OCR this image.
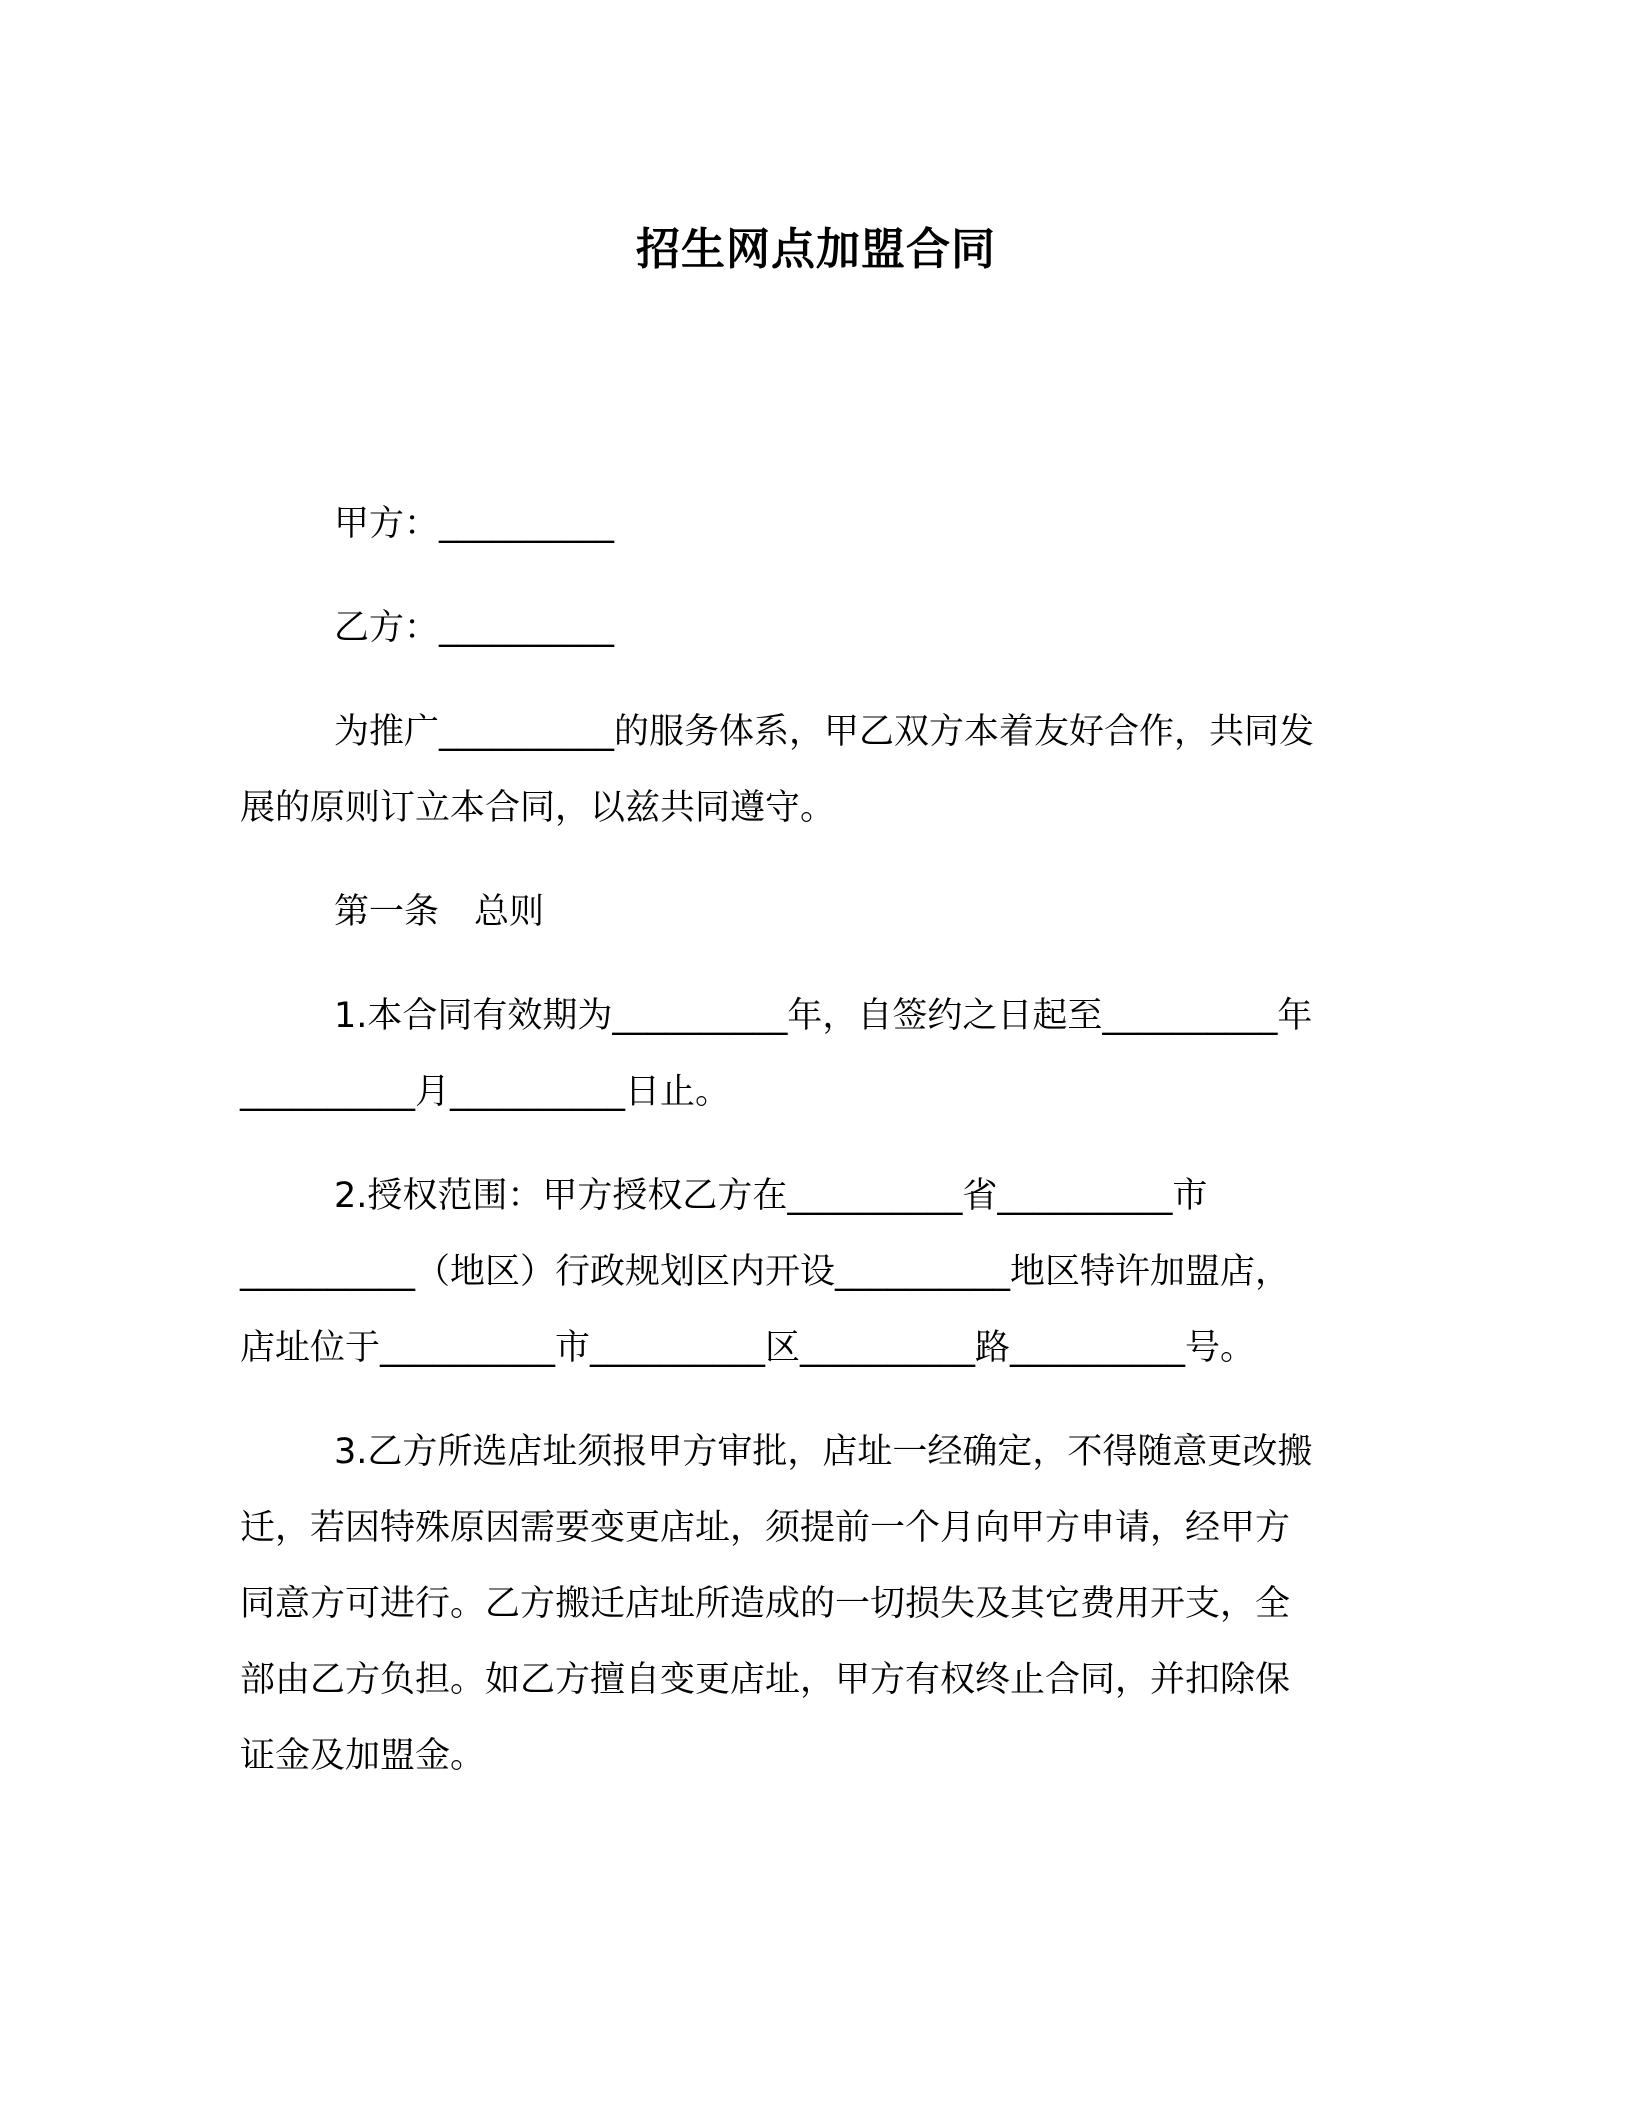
招生网点加盟合同

甲方：__________

乙方：__________

为推广__________的服务体系，甲乙双方本着友好合作，共同发
展的原则订立本合同，以兹共同遵守。

第一条　总则

1.本合同有效期为__________年，自签约之日起至__________年
__________月__________日止。

2.授权范围：甲方授权乙方在__________省__________市
__________（地区）行政规划区内开设__________地区特许加盟店，
店址位于__________市__________区__________路__________号。

3.乙方所选店址须报甲方审批，店址一经确定，不得随意更改搬
迁，若因特殊原因需要变更店址，须提前一个月向甲方申请，经甲方
同意方可进行。乙方搬迁店址所造成的一切损失及其它费用开支，全
部由乙方负担。如乙方擅自变更店址，甲方有权终止合同，并扣除保
证金及加盟金。
